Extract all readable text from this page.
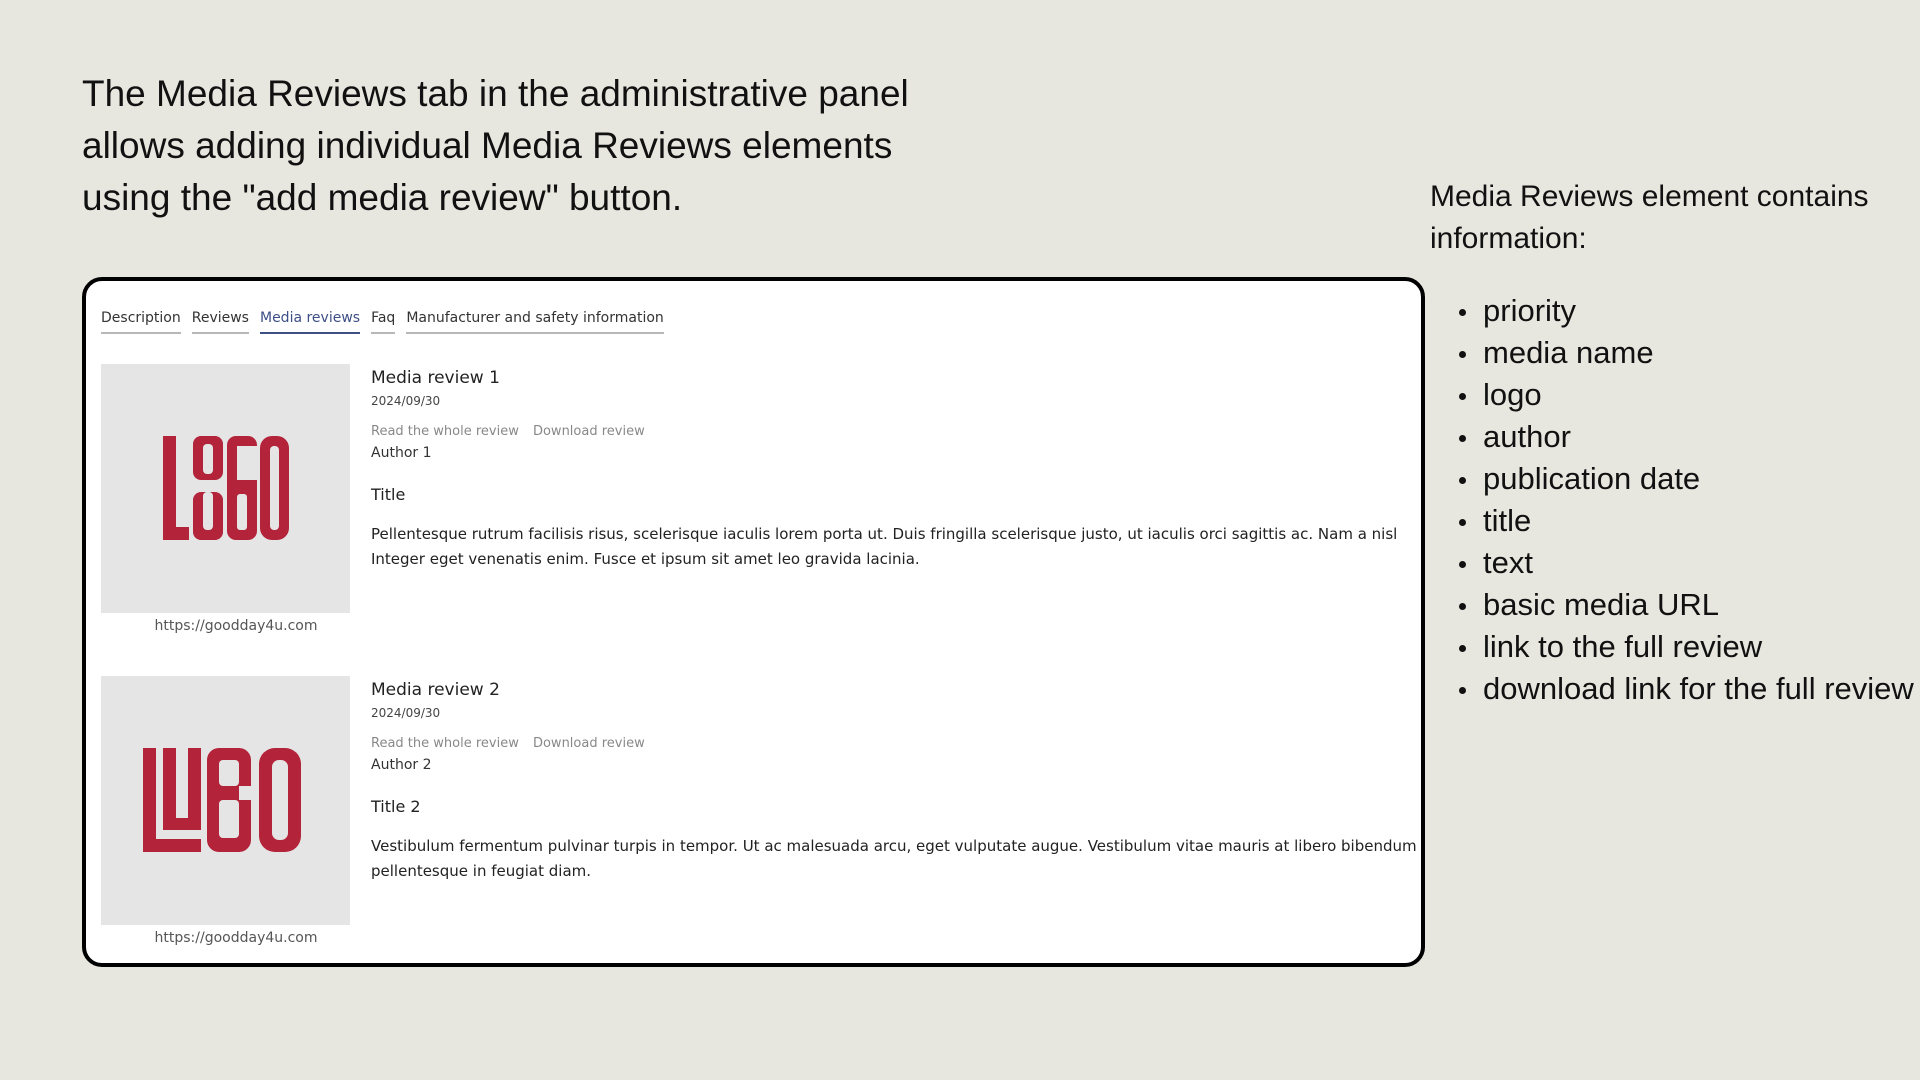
The Media Reviews tab in the administrative panel
allows adding individual Media Reviews elements
using the "add media review" button.	Media Reviews element contains
information:

priority
media name
logo
author
publication date
title
text
basic media URL
link to the full review
download link for the full review
Description Reviews Media reviews Faq Manufacturer and safety information
https://goodday4u.com
Media review 1
2024/09/30
Read the whole review Download review
Author 1
Title
Pellentesque rutrum facilisis risus, scelerisque iaculis lorem porta ut. Duis fringilla scelerisque justo, ut iaculis orci sagittis ac. Nam a nisl
Integer eget venenatis enim. Fusce et ipsum sit amet leo gravida lacinia.
https://goodday4u.com
Media review 2
2024/09/30
Read the whole review Download review
Author 2
Title 2
Vestibulum fermentum pulvinar turpis in tempor. Ut ac malesuada arcu, eget vulputate augue. Vestibulum vitae mauris at libero bibendum
pellentesque in feugiat diam.
